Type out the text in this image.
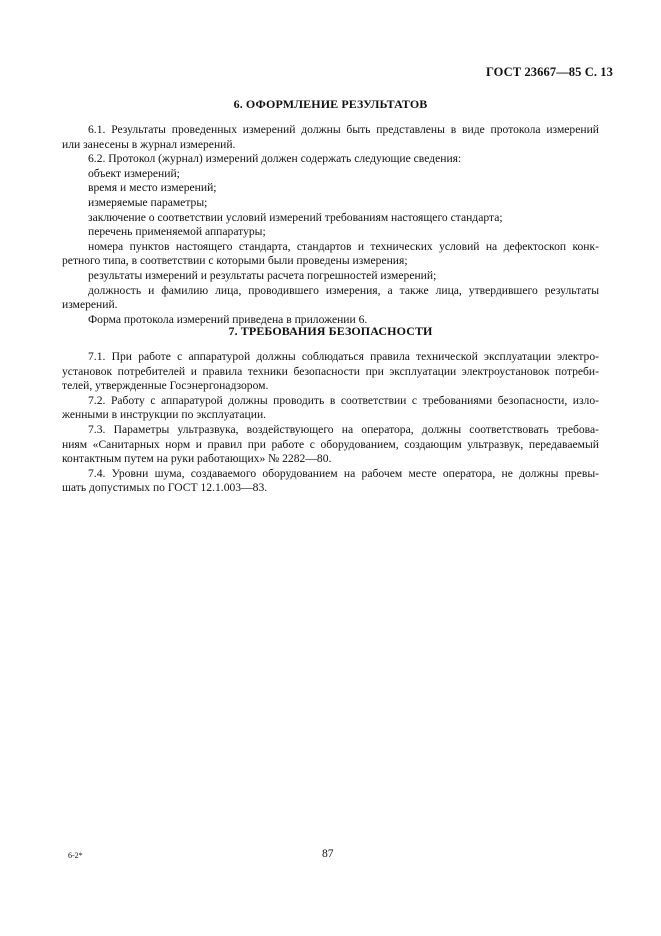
ГОСТ 23667—85 С. 13
6. ОФОРМЛЕНИЕ РЕЗУЛЬТАТОВ
6.1. Результаты проведенных измерений должны быть представлены в виде протокола измерений
или занесены в журнал измерений.
6.2. Протокол (журнал) измерений должен содержать следующие сведения:
объект измерений;
время и место измерений;
измеряемые параметры;
заключение о соответствии условий измерений требованиям настоящего стандарта;
перечень применяемой аппаратуры;
номера пунктов настоящего стандарта, стандартов и технических условий на дефектоскоп конк-
ретного типа, в соответствии с которыми были проведены измерения;
результаты измерений и результаты расчета погрешностей измерений;
должность и фамилию лица, проводившего измерения, а также лица, утвердившего результаты
измерений.
Форма протокола измерений приведена в приложении 6.
7. ТРЕБОВАНИЯ БЕЗОПАСНОСТИ
7.1. При работе с аппаратурой должны соблюдаться правила технической эксплуатации электро-
установок потребителей и правила техники безопасности при эксплуатации электроустановок потреби-
телей, утвержденные Госэнергонадзором.
7.2. Работу с аппаратурой должны проводить в соответствии с требованиями безопасности, изло-
женными в инструкции по эксплуатации.
7.3. Параметры ультразвука, воздействующего на оператора, должны соответствовать требова-
ниям «Санитарных норм и правил при работе с оборудованием, создающим ультразвук, передаваемый
контактным путем на руки работающих» № 2282—80.
7.4. Уровни шума, создаваемого оборудованием на рабочем месте оператора, не должны превы-
шать допустимых по ГОСТ 12.1.003—83.
6-2*	87
